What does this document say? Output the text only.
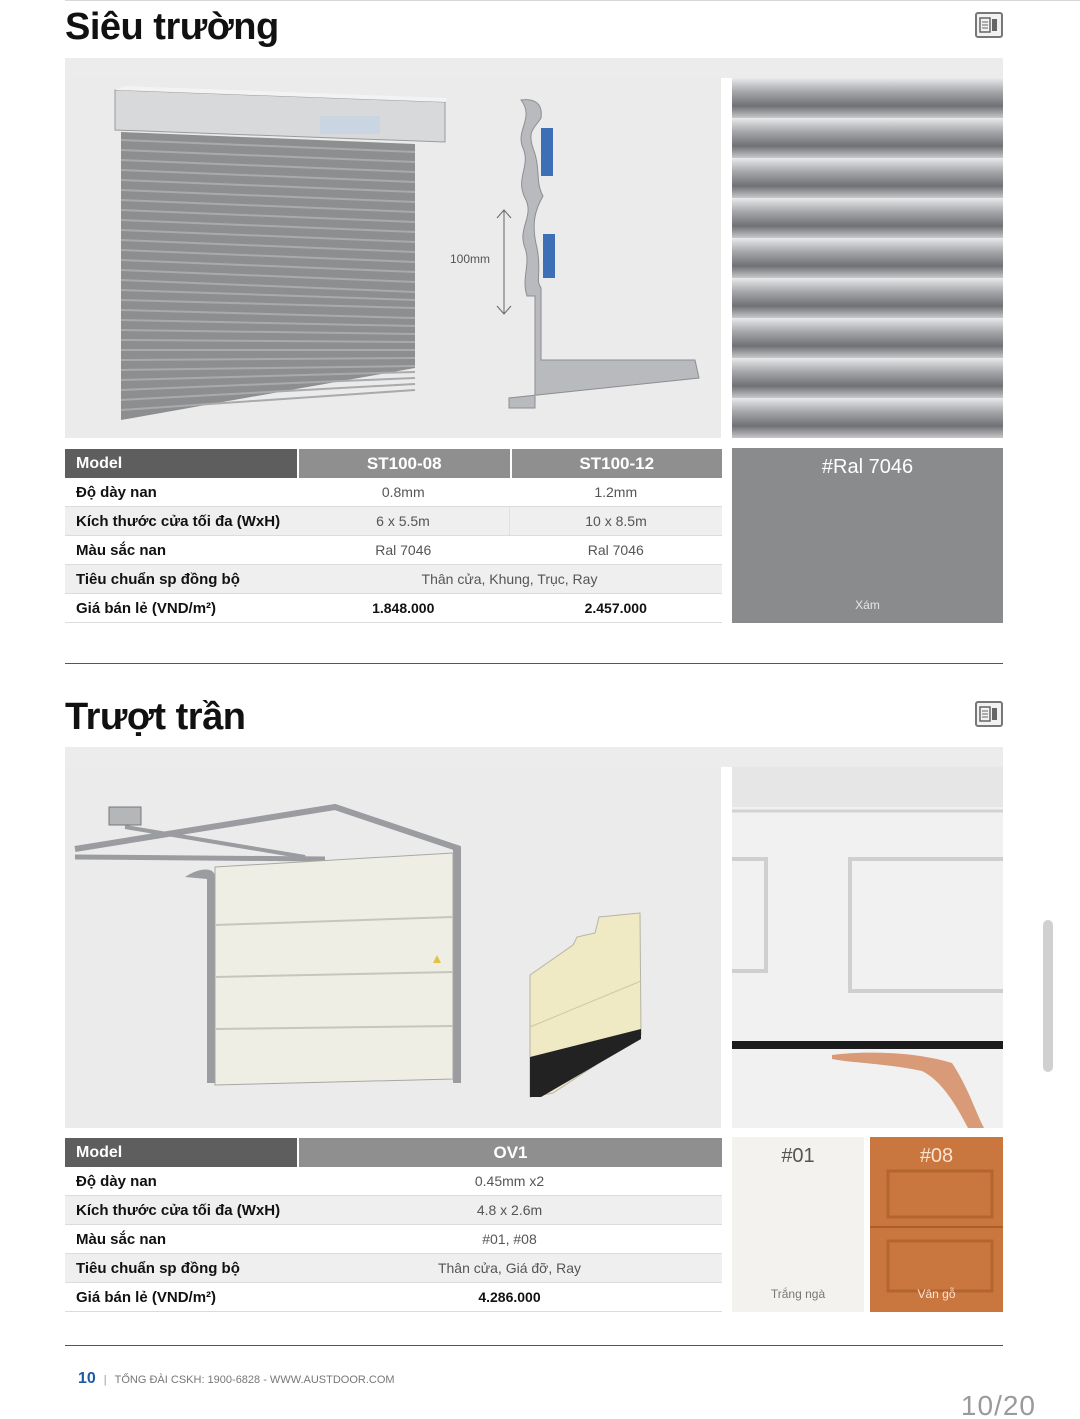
Siêu trường
100mm
Model	ST100-08	ST100-12
Độ dày nan	0.8mm	1.2mm
Kích thước cửa tối đa (WxH)	6 x 5.5m	10 x 8.5m
Màu sắc nan	Ral 7046	Ral 7046
Tiêu chuẩn sp đồng bộ	Thân cửa, Khung, Trục, Ray
Giá bán lẻ (VND/m²)	1.848.000	2.457.000
#Ral 7046
Xám
Trượt trần
Model	OV1
Độ dày nan	0.45mm x2
Kích thước cửa tối đa (WxH)	4.8 x 2.6m
Màu sắc nan	#01, #08
Tiêu chuẩn sp đồng bộ	Thân cửa, Giá đỡ, Ray
Giá bán lẻ (VND/m²)	4.286.000
#01
Trắng ngà
#08
Vân gỗ
10 | TỔNG ĐÀI CSKH: 1900-6828 - WWW.AUSTDOOR.COM
10/20
